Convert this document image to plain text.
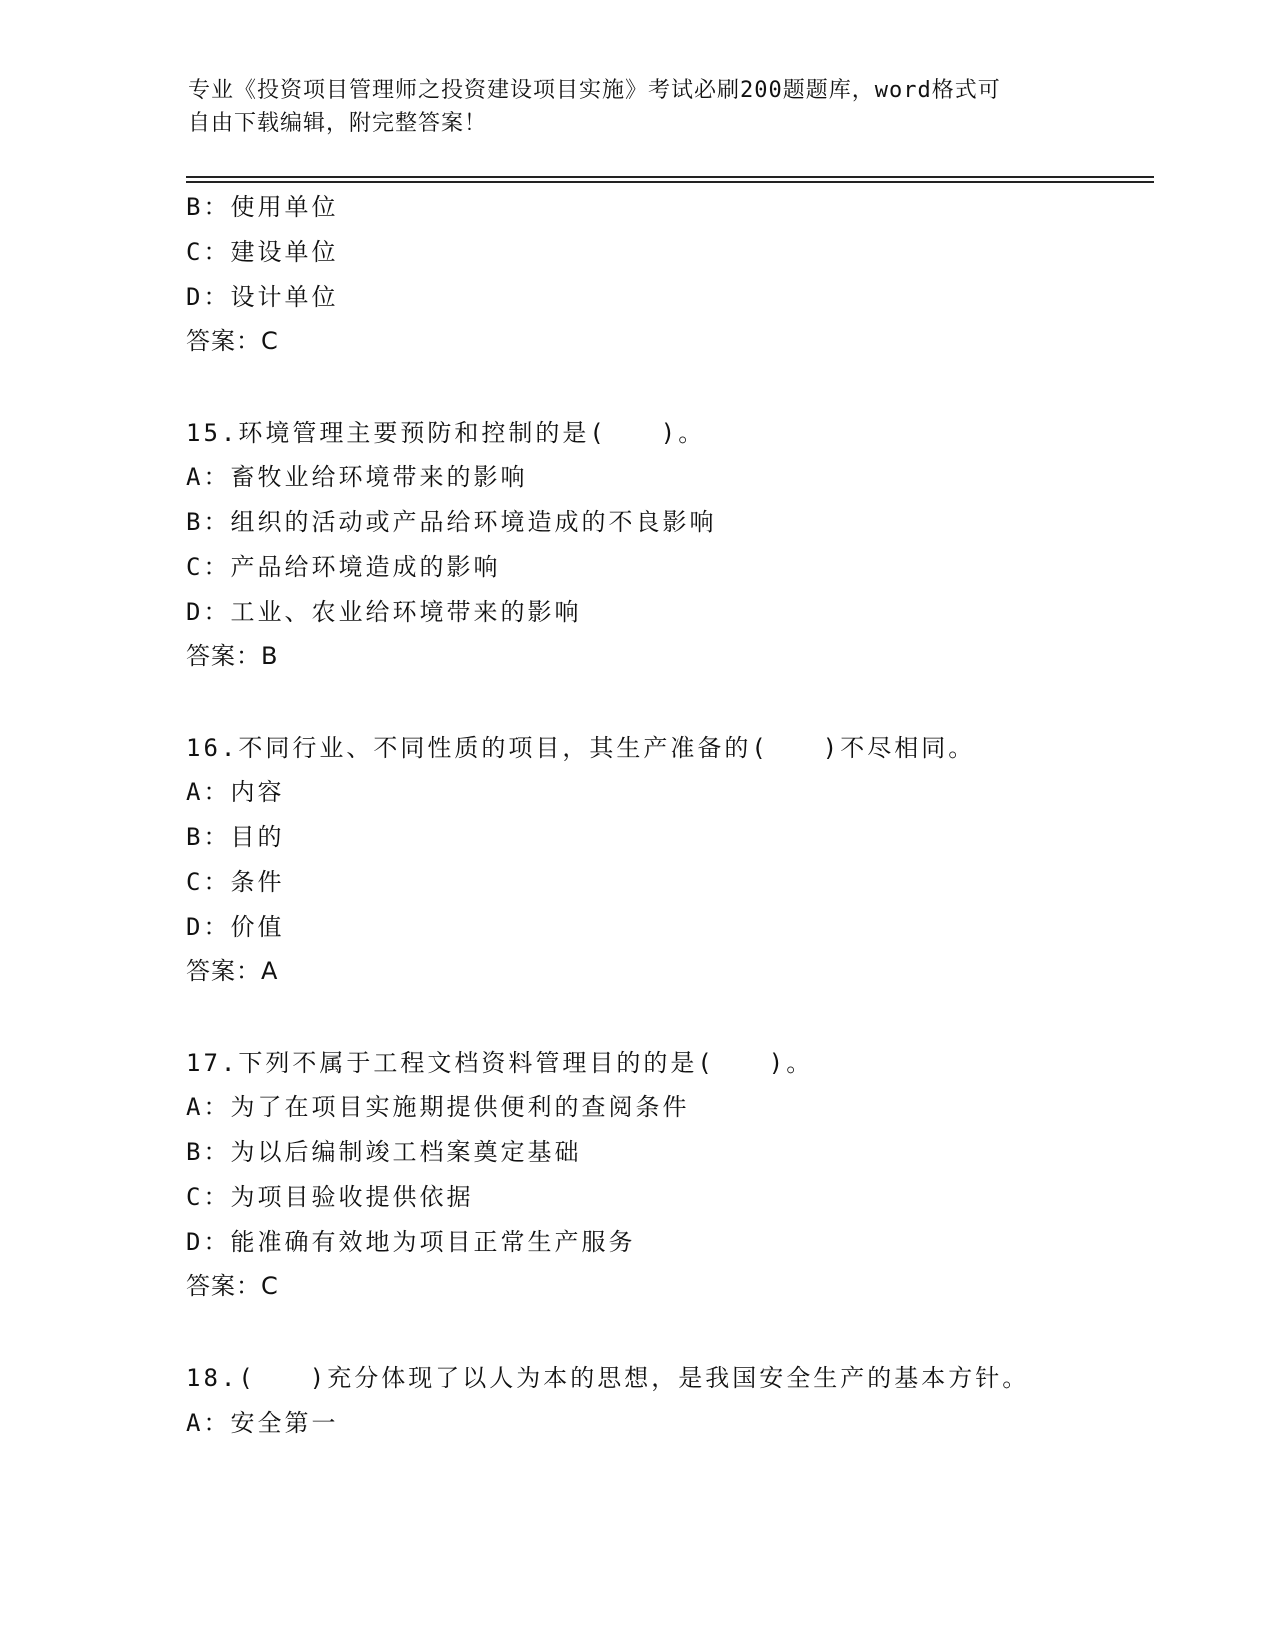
专业《投资项目管理师之投资建设项目实施》考试必刷200题题库，word格式可
自由下载编辑，附完整答案！
B：使用单位
C：建设单位
D：设计单位
答案：C
15.环境管理主要预防和控制的是(　　)。
A：畜牧业给环境带来的影响
B：组织的活动或产品给环境造成的不良影响
C：产品给环境造成的影响
D：工业、农业给环境带来的影响
答案：B
16.不同行业、不同性质的项目，其生产准备的(　　)不尽相同。
A：内容
B：目的
C：条件
D：价值
答案：A
17.下列不属于工程文档资料管理目的的是(　　)。
A：为了在项目实施期提供便利的查阅条件
B：为以后编制竣工档案奠定基础
C：为项目验收提供依据
D：能准确有效地为项目正常生产服务
答案：C
18.(　　)充分体现了以人为本的思想，是我国安全生产的基本方针。
A：安全第一
